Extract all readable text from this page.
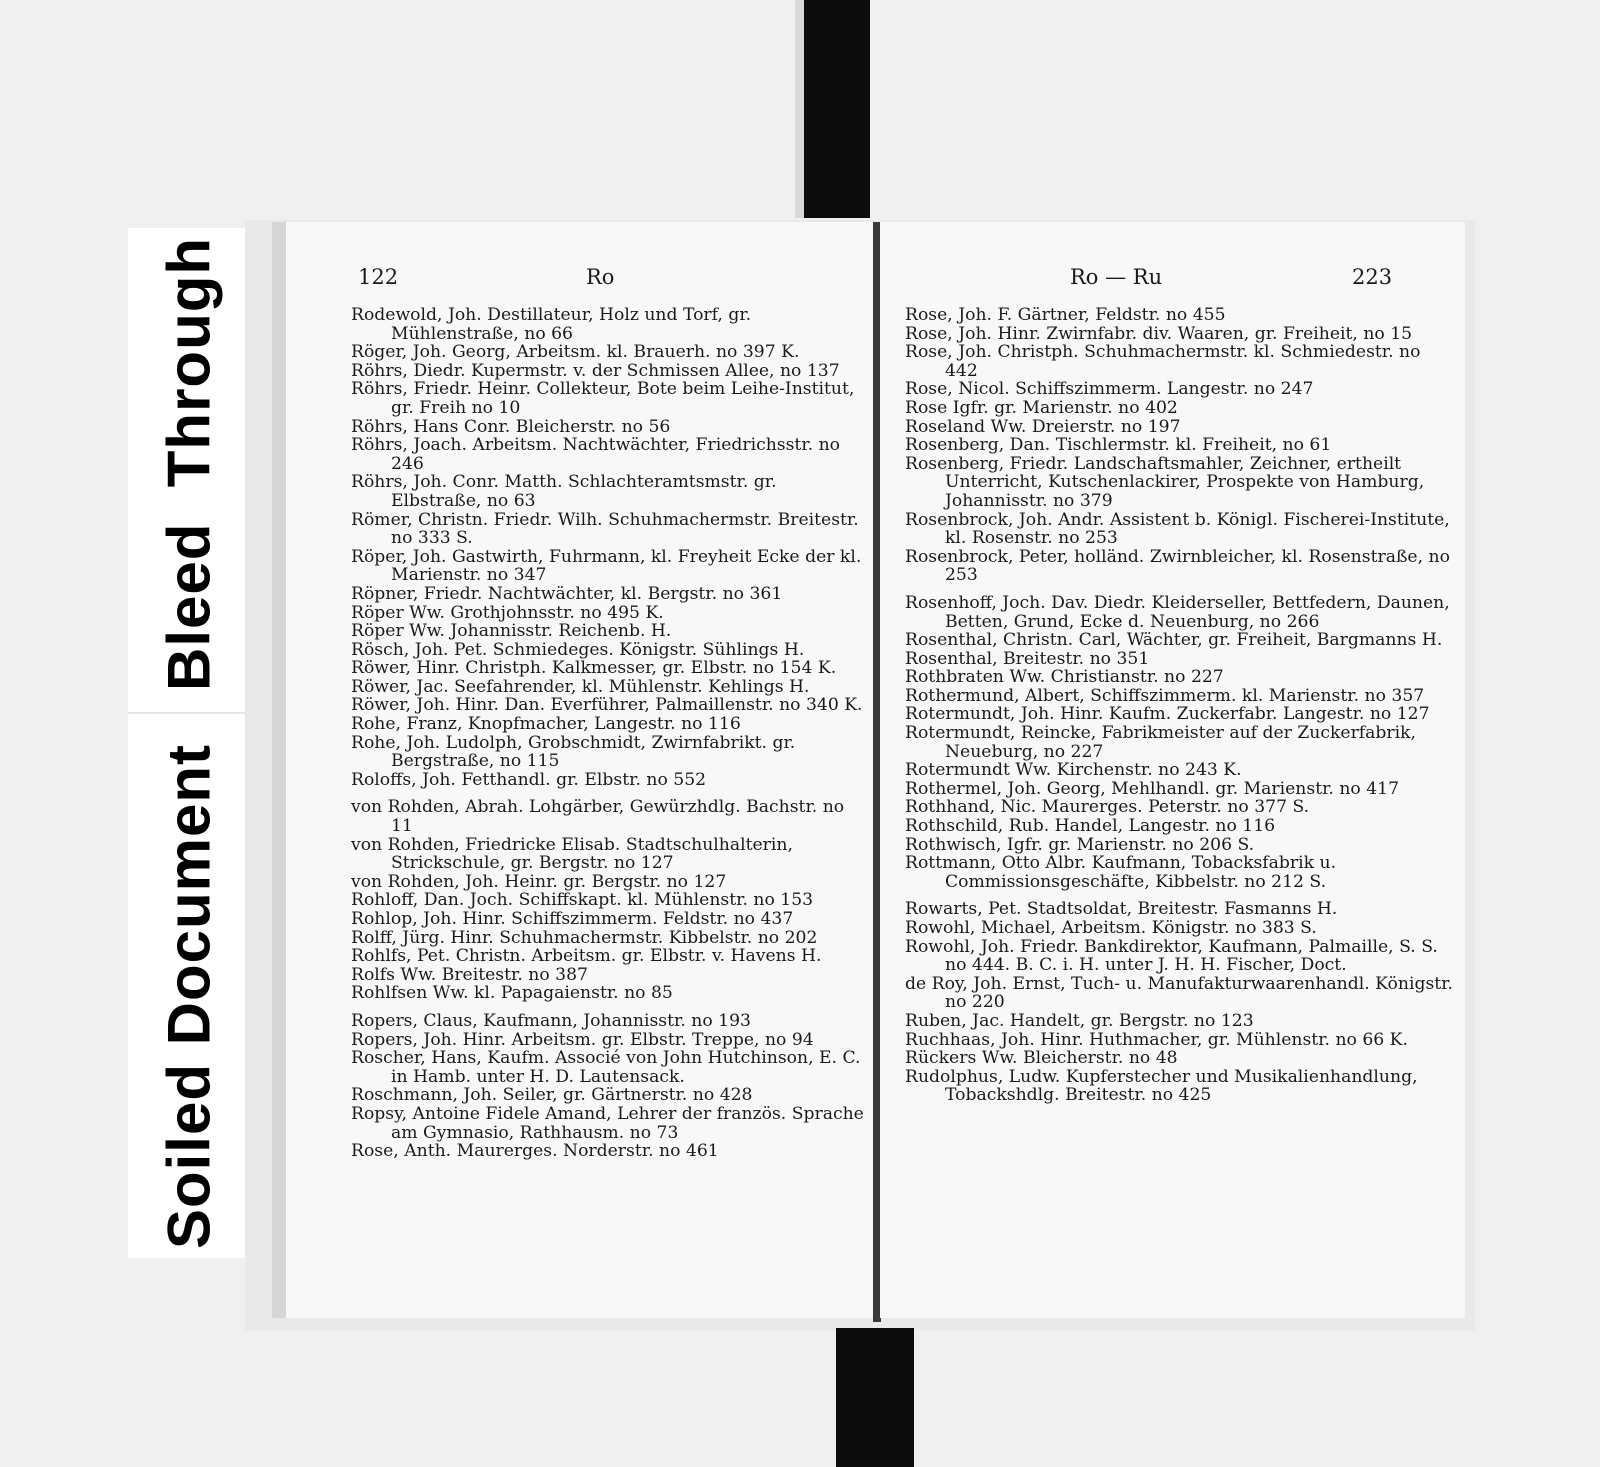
Soiled Document   Bleed  Through	122	Ro

Rodewold, Joh. Destillateur, Holz und Torf, gr. Mühlenstraße, no 66

Röger, Joh. Georg, Arbeitsm. kl. Brauerh. no 397 K.

Röhrs, Diedr. Kupermstr. v. der Schmissen Allee, no 137

Röhrs, Friedr. Heinr. Collekteur, Bote beim Leihe-Institut, gr. Freih no 10

Röhrs, Hans Conr. Bleicherstr. no 56

Röhrs, Joach. Arbeitsm. Nachtwächter, Friedrichsstr. no 246

Röhrs, Joh. Conr. Matth. Schlachteramtsmstr. gr. Elbstraße, no 63

Römer, Christn. Friedr. Wilh. Schuhmachermstr. Breitestr. no 333 S.

Röper, Joh. Gastwirth, Fuhrmann, kl. Freyheit Ecke der kl. Marienstr. no 347

Röpner, Friedr. Nachtwächter, kl. Bergstr. no 361

Röper Ww. Grothjohnsstr. no 495 K.

Röper Ww. Johannisstr. Reichenb. H.

Rösch, Joh. Pet. Schmiedeges. Königstr. Sühlings H.

Röwer, Hinr. Christph. Kalkmesser, gr. Elbstr. no 154 K.

Röwer, Jac. Seefahrender, kl. Mühlenstr. Kehlings H.

Röwer, Joh. Hinr. Dan. Everführer, Palmaillenstr. no 340 K.

Rohe, Franz, Knopfmacher, Langestr. no 116

Rohe, Joh. Ludolph, Grobschmidt, Zwirnfabrikt. gr. Bergstraße, no 115

Roloffs, Joh. Fetthandl. gr. Elbstr. no 552

von Rohden, Abrah. Lohgärber, Gewürzhdlg. Bachstr. no 11

von Rohden, Friedricke Elisab. Stadtschulhalterin, Strickschule, gr. Bergstr. no 127

von Rohden, Joh. Heinr. gr. Bergstr. no 127

Rohloff, Dan. Joch. Schiffskapt. kl. Mühlenstr. no 153

Rohlop, Joh. Hinr. Schiffszimmerm. Feldstr. no 437

Rolff, Jürg. Hinr. Schuhmachermstr. Kibbelstr. no 202

Rohlfs, Pet. Christn. Arbeitsm. gr. Elbstr. v. Havens H.

Rolfs Ww. Breitestr. no 387

Rohlfsen Ww. kl. Papagaienstr. no 85

Ropers, Claus, Kaufmann, Johannisstr. no 193

Ropers, Joh. Hinr. Arbeitsm. gr. Elbstr. Treppe, no 94

Roscher, Hans, Kaufm. Associé von John Hutchinson, E. C. in Hamb. unter H. D. Lautensack.

Roschmann, Joh. Seiler, gr. Gärtnerstr. no 428

Ropsy, Antoine Fidele Amand, Lehrer der französ. Sprache am Gymnasio, Rathhausm. no 73

Rose, Anth. Maurerges. Norderstr. no 461

Ro — Ru	223

Rose, Joh. F. Gärtner, Feldstr. no 455

Rose, Joh. Hinr. Zwirnfabr. div. Waaren, gr. Freiheit, no 15

Rose, Joh. Christph. Schuhmachermstr. kl. Schmiedestr. no 442

Rose, Nicol. Schiffszimmerm. Langestr. no 247

Rose Igfr. gr. Marienstr. no 402

Roseland Ww. Dreierstr. no 197

Rosenberg, Dan. Tischlermstr. kl. Freiheit, no 61

Rosenberg, Friedr. Landschaftsmahler, Zeichner, ertheilt Unterricht, Kutschenlackirer, Prospekte von Hamburg, Johannisstr. no 379

Rosenbrock, Joh. Andr. Assistent b. Königl. Fischerei-Institute, kl. Rosenstr. no 253

Rosenbrock, Peter, holländ. Zwirnbleicher, kl. Rosenstraße, no 253

Rosenhoff, Joch. Dav. Diedr. Kleiderseller, Bettfedern, Daunen, Betten, Grund, Ecke d. Neuenburg, no 266

Rosenthal, Christn. Carl, Wächter, gr. Freiheit, Bargmanns H.

Rosenthal, Breitestr. no 351

Rothbraten Ww. Christianstr. no 227

Rothermund, Albert, Schiffszimmerm. kl. Marienstr. no 357

Rotermundt, Joh. Hinr. Kaufm. Zuckerfabr. Langestr. no 127

Rotermundt, Reincke, Fabrikmeister auf der Zuckerfabrik, Neueburg, no 227

Rotermundt Ww. Kirchenstr. no 243 K.

Rothermel, Joh. Georg, Mehlhandl. gr. Marienstr. no 417

Rothhand, Nic. Maurerges. Peterstr. no 377 S.

Rothschild, Rub. Handel, Langestr. no 116

Rothwisch, Igfr. gr. Marienstr. no 206 S.

Rottmann, Otto Albr. Kaufmann, Tobacksfabrik u. Commissionsgeschäfte, Kibbelstr. no 212 S.

Rowarts, Pet. Stadtsoldat, Breitestr. Fasmanns H.

Rowohl, Michael, Arbeitsm. Königstr. no 383 S.

Rowohl, Joh. Friedr. Bankdirektor, Kaufmann, Palmaille, S. S. no 444. B. C. i. H. unter J. H. H. Fischer, Doct.

de Roy, Joh. Ernst, Tuch- u. Manufakturwaarenhandl. Königstr. no 220

Ruben, Jac. Handelt, gr. Bergstr. no 123

Ruchhaas, Joh. Hinr. Huthmacher, gr. Mühlenstr. no 66 K.

Rückers Ww. Bleicherstr. no 48

Rudolphus, Ludw. Kupferstecher und Musikalienhandlung, Tobackshdlg. Breitestr. no 425
